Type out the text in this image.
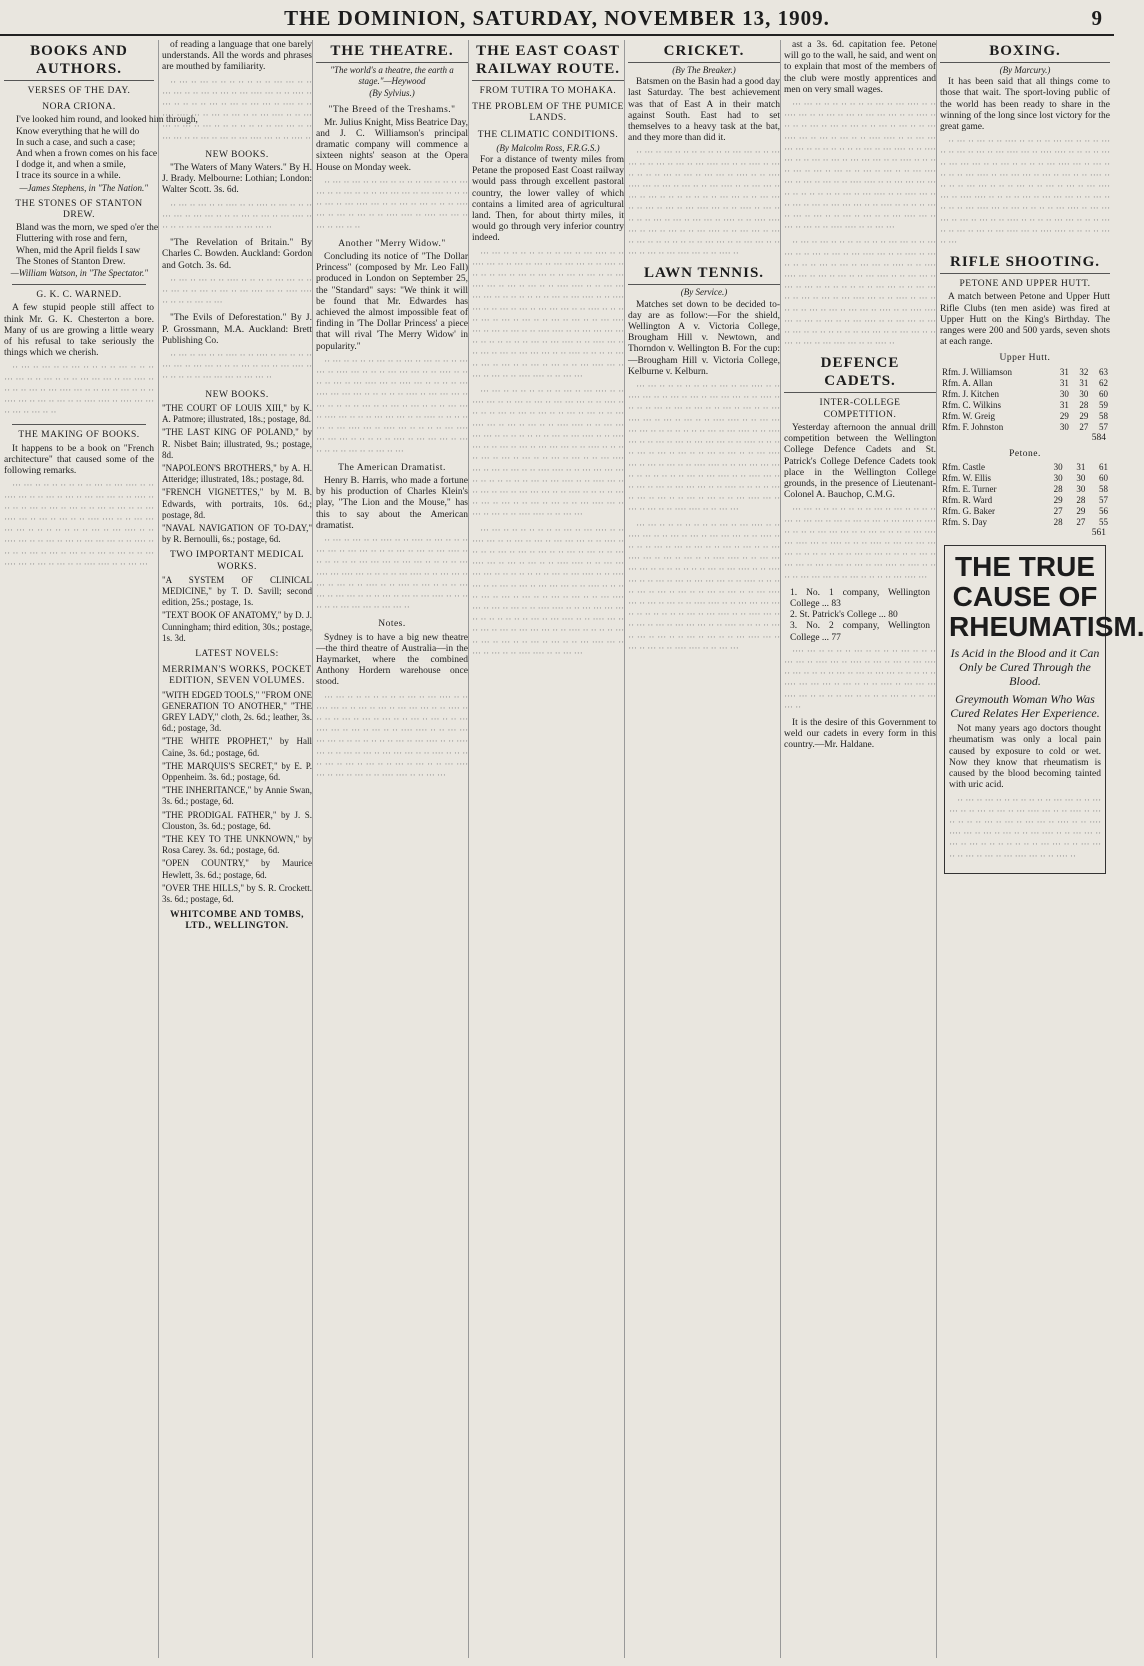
THE DOMINION, SATURDAY, NOVEMBER 13, 1909.	9
BOOKS AND AUTHORS.
VERSES OF THE DAY.
NORA CRIONA.
I've looked him round, and looked him through,
Know everything that he will do
In such a case, and such a case;
And when a frown comes on his face
I dodge it, and when a smile,
I trace its source in a while.
—James Stephens, in "The Nation."
THE STONES OF STANTON DREW.
Bland was the morn, we sped o'er the
Fluttering with rose and fern,
When, mid the April fields I saw
The Stones of Stanton Drew.
—William Watson, in "The Spectator."
G. K. C. WARNED.

A few stupid people still affect to think Mr. G. K. Chesterton a bore. Many of us are growing a little weary of his refusal to take seriously the things which we cherish.

·· ··· ·· ··· ·· ·· ··· ·· ·· ·· ·· ··· ·· ·· ·· ··· ··· ·· ·· ··· ·· ·· ·· ··· ··· ··· ·· ··· ···· ·· ·· ·· ·· ··· ·· ··· ···· ··· ·· ·· ··· ·· ··· ·· ·· ·· ···· ··· ·· ··· ·· ··· ·· ·· ···· ···· ·· ···· ··· ··· ·· ··· ·· ··· ·· ··

THE MAKING OF BOOKS.

It happens to be a book on "French architecture" that caused some of the following remarks.

··· ··· ·· ·· ·· ·· ·· ·· ·· ··· ·· ··· ···· ·· ·· ···· ··· ·· ·· ··· ·· ··· ·· ··· ··· ··· ·· ·· ···· ·· ·· ·· ·· ··· ·· ··· ·· ··· ·· ·· ··· ·· ··· ·· ·· ··· ···· ··· ·· ··· ·· ··· ·· ·· ···· ···· ·· ·· ··· ··· ··· ··· ·· ·· ·· ·· ·· ·· ·· ··· ·· ··· ···· ·· ·· ···· ··· ·· ·· ··· ·· ··· ·· ··· ··· ··· ·· ·· ···· ·· ·· ·· ·· ··· ·· ··· ·· ··· ·· ·· ··· ·· ··· ·· ·· ··· ···· ··· ·· ··· ·· ··· ·· ·· ···· ···· ·· ·· ··· ···

of reading a language that one barely understands. All the words and phrases are mouthed by familiarity.

·· ··· ·· ··· ·· ·· ·· ·· ·· ·· ·· ··· ··· ·· ·· ··· ··· ·· ·· ··· ·· ··· ·· ··· ···· ··· ·· ·· ···· ·· ··· ·· ·· ·· ·· ··· ·· ··· ·· ··· ··· ·· ···· ·· ·· ···· ···· ··· ·· ··· ·· ··· ·· ·· ··· ···· ·· ·· ··· ··· ·· ··· ·· ··· ·· ·· ·· ·· ·· ·· ·· ··· ··· ·· ·· ··· ··· ·· ·· ··· ·· ··· ·· ··· ···· ··· ·· ·· ···· ··

NEW BOOKS.

"The Waters of Many Waters." By H. J. Brady. Melbourne: Lothian; London: Walter Scott. 3s. 6d.

·· ··· ·· ··· ·· ·· ···· ·· ·· ···· ·· ··· ·· ·· ·· ··· ··· ·· ··· ··· ·· ·· ·· ··· ·· ··· ·· ··· ···· ·· ·· ·· ·· ·· ·· ··· ··· ··· ·· ··· ··· ··

"The Revelation of Britain." By Charles C. Bowden. Auckland: Gordon and Gotch. 3s. 6d.

·· ··· ·· ··· ·· ·· ···· ·· ·· ·· ·· ··· ··· ·· ·· ·· ··· ·· ·· ··· ·· ··· ·· ··· ···· ··· ·· ···· ···· ·· ·· ·· ·· ··· ·· ···

"The Evils of Deforestation." By J. P. Grossmann, M.A. Auckland: Brett Publishing Co.

·· ··· ·· ··· ·· ·· ···· ·· ·· ···· ·· ··· ·· ·· ·· ··· ··· ·· ··· ··· ·· ·· ·· ··· ·· ··· ·· ··· ···· ·· ·· ·· ·· ·· ·· ··· ··· ··· ·· ··· ··· ··

NEW BOOKS.
"THE COURT OF LOUIS XIII," by K. A. Patmore; illustrated, 18s.; postage, 8d.
"THE LAST KING OF POLAND," by R. Nisbet Bain; illustrated, 9s.; postage, 8d.
"NAPOLEON'S BROTHERS," by A. H. Atteridge; illustrated, 18s.; postage, 8d.
"FRENCH VIGNETTES," by M. B. Edwards, with portraits, 10s. 6d.; postage, 8d.
"NAVAL NAVIGATION OF TO-DAY," by R. Bernoulli, 6s.; postage, 6d.
TWO IMPORTANT MEDICAL WORKS.
"A SYSTEM OF CLINICAL MEDICINE," by T. D. Savill; second edition, 25s.; postage, 1s.
"TEXT BOOK OF ANATOMY," by D. J. Cunningham; third edition, 30s.; postage, 1s. 3d.
LATEST NOVELS:
MERRIMAN'S WORKS, POCKET EDITION, SEVEN VOLUMES.
"WITH EDGED TOOLS," "FROM ONE GENERATION TO ANOTHER," "THE GREY LADY," cloth, 2s. 6d.; leather, 3s. 6d.; postage, 3d.
"THE WHITE PROPHET," by Hall Caine, 3s. 6d.; postage, 6d.
"THE MARQUIS'S SECRET," by E. P. Oppenheim. 3s. 6d.; postage, 6d.
"THE INHERITANCE," by Annie Swan, 3s. 6d.; postage, 6d.
"THE PRODIGAL FATHER," by J. S. Clouston, 3s. 6d.; postage, 6d.
"THE KEY TO THE UNKNOWN," by Rosa Carey. 3s. 6d.; postage, 6d.
"OPEN COUNTRY," by Maurice Hewlett, 3s. 6d.; postage, 6d.
"OVER THE HILLS," by S. R. Crockett. 3s. 6d.; postage, 6d.
WHITCOMBE AND TOMBS, LTD., WELLINGTON.
THE THEATRE.
"The world's a theatre, the earth a stage."—Heywood
(By Sylvius.)
"The Breed of the Treshams."

Mr. Julius Knight, Miss Beatrice Day, and J. C. Williamson's principal dramatic company will commence a sixteen nights' season at the Opera House on Monday week.

·· ··· ·· ··· ·· ·· ··· ·· ·· ·· ·· ··· ·· ·· ·· ··· ··· ·· ·· ··· ·· ·· ·· ··· ··· ··· ·· ··· ···· ·· ·· ·· ·· ··· ·· ··· ···· ··· ·· ·· ··· ·· ··· ·· ·· ·· ···· ··· ·· ··· ·· ··· ·· ·· ···· ···· ·· ···· ··· ··· ·· ··· ·· ··· ·· ··

Another "Merry Widow."

Concluding its notice of "The Dollar Princess" (composed by Mr. Leo Fall) produced in London on September 25, the "Standard" says: "We think it will be found that Mr. Edwardes has achieved the almost impossible feat of finding in 'The Dollar Princess' a piece that will rival 'The Merry Widow' in popularity."

·· ··· ·· ·· ·· ·· ··· ·· ·· ··· ·· ··· ·· ·· ·· ··· ··· ·· ···· ··· ·· ·· ·· ··· ··· ··· ·· ·· ···· ·· ·· ·· ·· ··· ·· ··· ···· ··· ·· ···· ··· ·· ·· ·· ·· ··· ···· ··· ··· ··· ·· ·· ·· ·· ·· ···· ·· ··· ··· ··· ·· ··· ·· ·· ·· ·· ··· ·· ·· ··· ·· ··· ·· ·· ·· ··· ··· ·· ···· ··· ·· ·· ·· ··· ··· ··· ·· ·· ···· ·· ·· ·· ·· ··· ·· ··· ···· ··· ·· ···· ··· ·· ·· ·· ·· ··· ···· ··· ··· ··· ·· ·· ·· ·· ·· ···· ·· ··· ··· ··· ·· ··· ·· ·· ·· ·· ··· ·· ·· ··· ·· ···

The American Dramatist.

Henry B. Harris, who made a fortune by his production of Charles Klein's play, "The Lion and the Mouse," has this to say about the American dramatist.

·· ··· ·· ··· ·· ·· ···· ·· ·· ···· ·· ··· ·· ·· ·· ··· ··· ·· ··· ··· ·· ·· ·· ··· ·· ··· ·· ··· ···· ·· ·· ·· ·· ·· ·· ··· ··· ··· ·· ··· ··· ·· ·· ·· ·· ··· ···· ··· ···· ··· ·· ·· ·· ·· ··· ···· ·· ·· ··· ··· ·· ··· ·· ··· ·· ·· ···· ·· ·· ···· ·· ··· ·· ·· ·· ··· ··· ·· ··· ··· ·· ·· ·· ··· ·· ··· ·· ··· ···· ·· ·· ·· ·· ·· ·· ··· ··· ··· ·· ··· ··· ··

Notes.

Sydney is to have a big new theatre—the third theatre of Australia—in the Haymarket, where the combined Anthony Hordern warehouse once stood.

··· ··· ·· ·· ·· ·· ·· ·· ·· ··· ·· ··· ···· ·· ·· ···· ··· ·· ·· ··· ·· ··· ·· ··· ··· ··· ·· ·· ···· ·· ·· ·· ·· ··· ·· ··· ·· ··· ·· ·· ··· ·· ··· ·· ·· ··· ···· ··· ·· ··· ·· ··· ·· ·· ···· ···· ·· ·· ··· ··· ··· ··· ·· ·· ·· ·· ·· ·· ·· ··· ·· ··· ···· ·· ·· ···· ··· ·· ·· ··· ·· ··· ·· ··· ··· ··· ·· ·· ···· ·· ·· ·· ·· ··· ·· ··· ·· ··· ·· ·· ··· ·· ··· ·· ·· ··· ···· ··· ·· ··· ·· ··· ·· ·· ···· ···· ·· ·· ··· ···

THE EAST COAST RAILWAY ROUTE.
FROM TUTIRA TO MOHAKA.
THE PROBLEM OF THE PUMICE LANDS.
THE CLIMATIC CONDITIONS.
(By Malcolm Ross, F.R.G.S.)

For a distance of twenty miles from Petane the proposed East Coast railway would pass through excellent pastoral country, the lower valley of which contains a limited area of agricultural land. Then, for about thirty miles, it would go through very inferior country indeed.

··· ··· ·· ·· ·· ·· ·· ·· ·· ··· ·· ··· ···· ·· ·· ···· ··· ·· ·· ··· ·· ··· ·· ··· ··· ··· ·· ·· ···· ·· ·· ·· ·· ··· ·· ··· ·· ··· ·· ·· ··· ·· ··· ·· ·· ··· ···· ··· ·· ··· ·· ··· ·· ·· ···· ···· ·· ·· ··· ··· ··· ··· ·· ·· ·· ·· ·· ·· ·· ··· ·· ··· ···· ·· ·· ···· ··· ·· ·· ··· ·· ··· ·· ··· ··· ··· ·· ·· ···· ·· ·· ·· ·· ··· ·· ··· ·· ··· ·· ·· ··· ·· ··· ·· ·· ··· ···· ··· ·· ··· ·· ··· ·· ·· ···· ···· ·· ·· ··· ··· ··· ··· ·· ·· ·· ·· ·· ·· ·· ··· ·· ··· ···· ·· ·· ···· ··· ·· ·· ··· ·· ··· ·· ··· ··· ··· ·· ·· ···· ·· ·· ·· ·· ··· ·· ··· ·· ··· ·· ·· ··· ·· ··· ·· ·· ··· ···· ··· ·· ··· ·· ··· ·· ·· ···· ···· ·· ·· ··· ···

··· ··· ·· ·· ·· ·· ·· ·· ·· ··· ·· ··· ···· ·· ·· ···· ··· ·· ·· ··· ·· ··· ·· ··· ··· ··· ·· ·· ···· ·· ·· ·· ·· ··· ·· ··· ·· ··· ·· ·· ··· ·· ··· ·· ·· ··· ···· ··· ·· ··· ·· ··· ·· ·· ···· ···· ·· ·· ··· ··· ··· ··· ·· ·· ·· ·· ·· ·· ·· ··· ·· ··· ···· ·· ·· ···· ··· ·· ·· ··· ·· ··· ·· ··· ··· ··· ·· ·· ···· ·· ·· ·· ·· ··· ·· ··· ·· ··· ·· ·· ··· ·· ··· ·· ·· ··· ···· ··· ·· ··· ·· ··· ·· ·· ···· ···· ·· ·· ··· ··· ··· ··· ·· ·· ·· ·· ·· ·· ·· ··· ·· ··· ···· ·· ·· ···· ··· ·· ·· ··· ·· ··· ·· ··· ··· ··· ·· ·· ···· ·· ·· ·· ·· ··· ·· ··· ·· ··· ·· ·· ··· ·· ··· ·· ·· ··· ···· ··· ·· ··· ·· ··· ·· ·· ···· ···· ·· ·· ··· ···

··· ··· ·· ·· ·· ·· ·· ·· ·· ··· ·· ··· ···· ·· ·· ···· ··· ·· ·· ··· ·· ··· ·· ··· ··· ··· ·· ·· ···· ·· ·· ·· ·· ··· ·· ··· ·· ··· ·· ·· ··· ·· ··· ·· ·· ··· ···· ··· ·· ··· ·· ··· ·· ·· ···· ···· ·· ·· ··· ··· ··· ··· ·· ·· ·· ·· ·· ·· ·· ··· ·· ··· ···· ·· ·· ···· ··· ·· ·· ··· ·· ··· ·· ··· ··· ··· ·· ·· ···· ·· ·· ·· ·· ··· ·· ··· ·· ··· ·· ·· ··· ·· ··· ·· ·· ··· ···· ··· ·· ··· ·· ··· ·· ·· ···· ···· ·· ·· ··· ··· ··· ··· ·· ·· ·· ·· ·· ·· ·· ··· ·· ··· ···· ·· ·· ···· ··· ·· ·· ··· ·· ··· ·· ··· ··· ··· ·· ·· ···· ·· ·· ·· ·· ··· ·· ··· ·· ··· ·· ·· ··· ·· ··· ·· ·· ··· ···· ··· ·· ··· ·· ··· ·· ·· ···· ···· ·· ·· ··· ···

CRICKET.
(By The Breaker.)

Batsmen on the Basin had a good day last Saturday. The best achievement was that of East A in their match against South. East had to set themselves to a heavy task at the bat, and they more than did it.

·· ··· ·· ··· ·· ·· ·· ·· ·· ·· ·· ··· ··· ·· ·· ··· ··· ·· ·· ··· ·· ··· ·· ··· ···· ··· ·· ·· ···· ·· ··· ·· ·· ·· ·· ··· ·· ··· ·· ··· ··· ·· ···· ·· ·· ···· ···· ··· ·· ··· ·· ··· ·· ·· ··· ···· ·· ·· ··· ··· ·· ··· ·· ··· ·· ·· ·· ·· ·· ·· ·· ··· ··· ·· ·· ··· ··· ·· ·· ··· ·· ··· ·· ··· ···· ··· ·· ·· ···· ·· ··· ·· ·· ·· ·· ··· ·· ··· ·· ··· ··· ·· ···· ·· ·· ···· ···· ··· ·· ··· ·· ··· ·· ·· ··· ···· ·· ·· ··· ··· ·· ··· ·· ··· ·· ·· ·· ·· ·· ·· ·· ··· ··· ·· ·· ··· ··· ·· ·· ··· ·· ··· ·· ··· ···· ··· ·· ·· ···· ··

LAWN TENNIS.
(By Service.)

Matches set down to be decided to-day are as follow:—For the shield, Wellington A v. Victoria College, Brougham Hill v. Newtown, and Thorndon v. Wellington B. For the cup:—Brougham Hill v. Victoria College, Kelburne v. Kelburn.

··· ··· ·· ·· ·· ·· ·· ·· ·· ··· ·· ··· ···· ·· ·· ···· ··· ·· ·· ··· ·· ··· ·· ··· ··· ··· ·· ·· ···· ·· ·· ·· ·· ··· ·· ··· ·· ··· ·· ·· ··· ·· ··· ·· ·· ··· ···· ··· ·· ··· ·· ··· ·· ·· ···· ···· ·· ·· ··· ··· ··· ··· ·· ·· ·· ·· ·· ·· ·· ··· ·· ··· ···· ·· ·· ···· ··· ·· ·· ··· ·· ··· ·· ··· ··· ··· ·· ·· ···· ·· ·· ·· ·· ··· ·· ··· ·· ··· ·· ·· ··· ·· ··· ·· ·· ··· ···· ··· ·· ··· ·· ··· ·· ·· ···· ···· ·· ·· ··· ··· ··· ··· ·· ·· ·· ·· ·· ·· ·· ··· ·· ··· ···· ·· ·· ···· ··· ·· ·· ··· ·· ··· ·· ··· ··· ··· ·· ·· ···· ·· ·· ·· ·· ··· ·· ··· ·· ··· ·· ·· ··· ·· ··· ·· ·· ··· ···· ··· ·· ··· ·· ··· ·· ·· ···· ···· ·· ·· ··· ···

··· ··· ·· ·· ·· ·· ·· ·· ·· ··· ·· ··· ···· ·· ·· ···· ··· ·· ·· ··· ·· ··· ·· ··· ··· ··· ·· ·· ···· ·· ·· ·· ·· ··· ·· ··· ·· ··· ·· ·· ··· ·· ··· ·· ·· ··· ···· ··· ·· ··· ·· ··· ·· ·· ···· ···· ·· ·· ··· ··· ··· ··· ·· ·· ·· ·· ·· ·· ·· ··· ·· ··· ···· ·· ·· ···· ··· ·· ·· ··· ·· ··· ·· ··· ··· ··· ·· ·· ···· ·· ·· ·· ·· ··· ·· ··· ·· ··· ·· ·· ··· ·· ··· ·· ·· ··· ···· ··· ·· ··· ·· ··· ·· ·· ···· ···· ·· ·· ··· ··· ··· ··· ·· ·· ·· ·· ·· ·· ·· ··· ·· ··· ···· ·· ·· ···· ··· ·· ·· ··· ·· ··· ·· ··· ··· ··· ·· ·· ···· ·· ·· ·· ·· ··· ·· ··· ·· ··· ·· ·· ··· ·· ··· ·· ·· ··· ···· ··· ·· ··· ·· ··· ·· ·· ···· ···· ·· ·· ··· ···

ast a 3s. 6d. capitation fee. Petone will go to the wall, he said, and went on to explain that most of the members of the club were mostly apprentices and men on very small wages.

··· ··· ·· ·· ·· ·· ·· ·· ·· ··· ·· ··· ···· ·· ·· ···· ··· ·· ·· ··· ·· ··· ·· ··· ··· ··· ·· ·· ···· ·· ·· ·· ·· ··· ·· ··· ·· ··· ·· ·· ··· ·· ··· ·· ·· ··· ···· ··· ·· ··· ·· ··· ·· ·· ···· ···· ·· ·· ··· ··· ··· ··· ·· ·· ·· ·· ·· ·· ·· ··· ·· ··· ···· ·· ·· ···· ··· ·· ·· ··· ·· ··· ·· ··· ··· ··· ·· ·· ···· ·· ·· ·· ·· ··· ·· ··· ·· ··· ·· ·· ··· ·· ··· ·· ·· ··· ···· ··· ·· ··· ·· ··· ·· ·· ···· ···· ·· ·· ··· ··· ··· ··· ·· ·· ·· ·· ·· ·· ·· ··· ·· ··· ···· ·· ·· ···· ··· ·· ·· ··· ·· ··· ·· ··· ··· ··· ·· ·· ···· ·· ·· ·· ·· ··· ·· ··· ·· ··· ·· ·· ··· ·· ··· ·· ·· ··· ···· ··· ·· ··· ·· ··· ·· ·· ···· ···· ·· ·· ··· ···

·· ··· ·· ··· ·· ·· ·· ·· ·· ·· ·· ··· ··· ·· ·· ··· ··· ·· ·· ··· ·· ··· ·· ··· ···· ··· ·· ·· ···· ·· ··· ·· ·· ·· ·· ··· ·· ··· ·· ··· ··· ·· ···· ·· ·· ···· ···· ··· ·· ··· ·· ··· ·· ·· ··· ···· ·· ·· ··· ··· ·· ··· ·· ··· ·· ·· ·· ·· ·· ·· ·· ··· ··· ·· ·· ··· ··· ·· ·· ··· ·· ··· ·· ··· ···· ··· ·· ·· ···· ·· ··· ·· ·· ·· ·· ··· ·· ··· ·· ··· ··· ·· ···· ·· ·· ···· ···· ··· ·· ··· ·· ··· ·· ·· ··· ···· ·· ·· ··· ··· ·· ··· ·· ··· ·· ·· ·· ·· ·· ·· ·· ··· ··· ·· ·· ··· ··· ·· ·· ··· ·· ··· ·· ··· ···· ··· ·· ·· ···· ··

DEFENCE CADETS.
INTER-COLLEGE COMPETITION.

Yesterday afternoon the annual drill competition between the Wellington College Defence Cadets and St. Patrick's College Defence Cadets took place in the Wellington College grounds, in the presence of Lieutenant-Colonel A. Bauchop, C.M.G.

··· ··· ·· ·· ·· ·· ·· ·· ·· ··· ·· ··· ·· ·· ·· ·· ··· ·· ··· ··· ·· ··· ·· ··· ·· ··· ·· ··· ···· ·· ···· ·· ·· ·· ·· ··· ··· ··· ·· ·· ··· ·· ·· ·· ·· ··· ···· ··· ···· ··· ·· ···· ·· ·· ·· ···· ·· ··· ··· ··· ··· ··· ·· ·· ·· ·· ·· ·· ·· ··· ·· ··· ·· ·· ·· ·· ··· ·· ··· ··· ·· ··· ·· ··· ·· ··· ·· ··· ···· ·· ···· ·· ·· ·· ·· ··· ··· ··· ·· ·· ··· ·· ·· ·· ·· ··· ···· ···

1. No. 1 company, Wellington College ... 83
2. St. Patrick's College ... 80
3. No. 2 company, Wellington College ... 77

···· ··· ·· ·· ·· ·· ··· ·· ·· ·· ·· ··· ·· ·· ·· ··· ··· ·· ···· ··· ·· ···· ·· ··· ·· ··· ·· ··· ···· ·· ··· ·· ·· ·· ·· ··· ·· ··· ·· ··· ··· ·· ·· ·· ·· ·· ···· ··· ··· ··· ·· ··· ·· ·· ·· ···· ·· ··· ··· ··· ···· ··· ·· ·· ·· ·· ··· ·· ·· ·· ·· ··· ·· ·· ·· ··· ··· ··

It is the desire of this Government to weld our cadets in every form in this country.—Mr. Haldane.

BOXING.
(By Marcury.)

It has been said that all things come to those that wait. The sport-loving public of the world has been ready to share in the winning of the long since lost victory for the great game.

·· ··· ·· ··· ·· ·· ···· ·· ·· ·· ·· ··· ··· ·· ·· ·· ··· ·· ·· ··· ·· ··· ·· ··· ···· ··· ·· ···· ···· ·· ·· ·· ·· ··· ·· ··· ··· ··· ·· ·· ··· ·· ·· ·· ·· ··· ···· ··· ·· ··· ·· ·· ·· ·· ··· ···· ·· ··· ··· ··· ·· ··· ·· ··· ·· ·· ···· ·· ·· ·· ·· ··· ··· ·· ·· ·· ··· ·· ·· ··· ·· ··· ·· ··· ···· ··· ·· ···· ···· ·· ·· ·· ·· ··· ·· ··· ··· ··· ·· ·· ··· ·· ·· ·· ·· ··· ···· ··· ·· ··· ·· ·· ·· ·· ··· ···· ·· ··· ··· ··· ·· ··· ·· ··· ·· ·· ···· ·· ·· ·· ·· ··· ··· ·· ·· ·· ··· ·· ·· ··· ·· ··· ·· ··· ···· ··· ·· ···· ···· ·· ·· ·· ·· ··· ·· ···

RIFLE SHOOTING.
PETONE AND UPPER HUTT.

A match between Petone and Upper Hutt Rifle Clubs (ten men aside) was fired at Upper Hutt on the King's Birthday. The ranges were 200 and 500 yards, seven shots at each range.

Upper Hutt.
Rfm. J. Williamson	31	32	63
Rfm. A. Allan	31	31	62
Rfm. J. Kitchen	30	30	60
Rfm. C. Wilkins	31	28	59
Rfm. W. Greig	29	29	58
Rfm. F. Johnston	30	27	57
584
Petone.
Rfm. Castle	30	31	61
Rfm. W. Ellis	30	30	60
Rfm. E. Turner	28	30	58
Rfm. R. Ward	29	28	57
Rfm. G. Baker	27	29	56
Rfm. S. Day	28	27	55
561
THE TRUE CAUSE OF RHEUMATISM.
Is Acid in the Blood and it Can Only be Cured Through the Blood.
Greymouth Woman Who Was Cured Relates Her Experience.

Not many years ago doctors thought rheumatism was only a local pain caused by exposure to cold or wet. Now they know that rheumatism is caused by the blood becoming tainted with uric acid.

·· ··· ·· ··· ·· ·· ·· ·· ·· ·· ·· ··· ··· ·· ·· ··· ··· ·· ·· ··· ·· ··· ·· ··· ···· ··· ·· ·· ···· ·· ··· ·· ·· ·· ·· ··· ·· ··· ·· ··· ··· ·· ···· ·· ·· ···· ···· ··· ·· ··· ·· ··· ·· ·· ··· ···· ·· ·· ··· ··· ·· ··· ·· ··· ·· ·· ·· ·· ·· ·· ·· ··· ··· ·· ·· ··· ··· ·· ·· ··· ·· ··· ·· ··· ···· ··· ·· ·· ···· ··
